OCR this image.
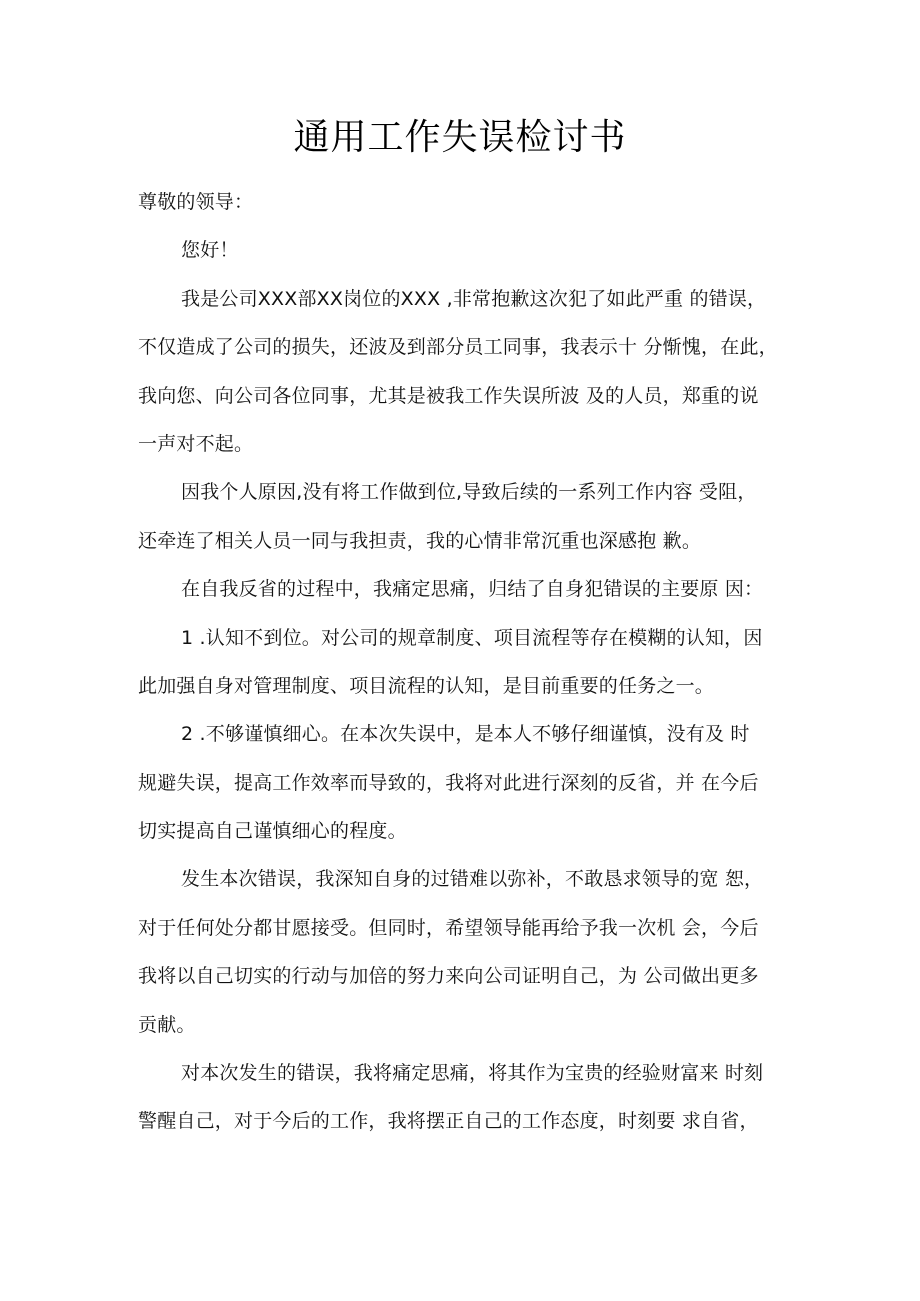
通用工作失误检讨书
尊敬的领导：
您好！
我是公司XXX部XX岗位的XXX ,非常抱歉这次犯了如此严重 的错误，
不仅造成了公司的损失，还波及到部分员工同事，我表示十 分惭愧，在此，
我向您、向公司各位同事，尤其是被我工作失误所波 及的人员，郑重的说
一声对不起。
因我个人原因,没有将工作做到位,导致后续的一系列工作内容 受阻，
还牵连了相关人员一同与我担责，我的心情非常沉重也深感抱 歉。
在自我反省的过程中，我痛定思痛，归结了自身犯错误的主要原 因：
1 .认知不到位。对公司的规章制度、项目流程等存在模糊的认知，因
此加强自身对管理制度、项目流程的认知，是目前重要的任务之一。
2 .不够谨慎细心。在本次失误中，是本人不够仔细谨慎，没有及 时
规避失误，提高工作效率而导致的，我将对此进行深刻的反省，并 在今后
切实提高自己谨慎细心的程度。
发生本次错误，我深知自身的过错难以弥补，不敢恳求领导的宽 恕，
对于任何处分都甘愿接受。但同时，希望领导能再给予我一次机 会，今后
我将以自己切实的行动与加倍的努力来向公司证明自己，为 公司做出更多
贡献。
对本次发生的错误，我将痛定思痛，将其作为宝贵的经验财富来 时刻
警醒自己，对于今后的工作，我将摆正自己的工作态度，时刻要 求自省，
